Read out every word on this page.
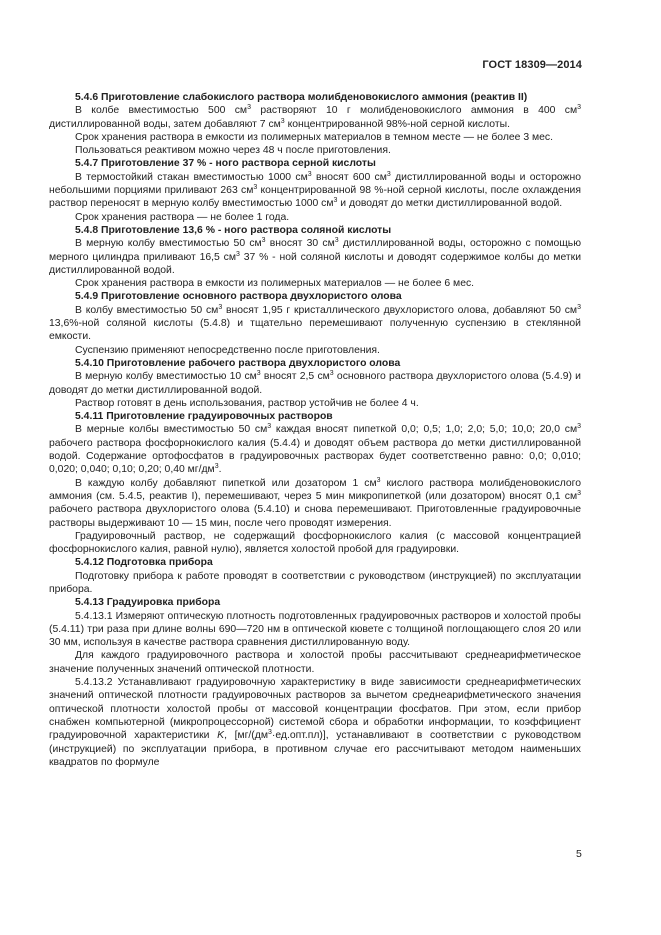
ГОСТ 18309—2014

5.4.6 Приготовление слабокислого раствора молибденовокислого аммония (реактив II)

В колбе вместимостью 500 $см^3$ растворяют 10 г молибденовокислого аммония в 400 $см^3$ дистиллированной воды, затем добавляют 7 $см^3$ концентрированной 98%-ной серной кислоты.

Срок хранения раствора в емкости из полимерных материалов в темном месте — не более 3 мес.

Пользоваться реактивом можно через 48 ч после приготовления.

5.4.7 Приготовление 37 % - ного раствора серной кислоты

В термостойкий стакан вместимостью 1000 $см^3$ вносят 600 $см^3$ дистиллированной воды и осторожно небольшими порциями приливают 263 $см^3$ концентрированной 98 %-ной серной кислоты, после охлаждения раствор переносят в мерную колбу вместимостью 1000 $см^3$ и доводят до метки дистиллированной водой.

Срок хранения раствора — не более 1 года.

5.4.8 Приготовление 13,6 % - ного раствора соляной кислоты

В мерную колбу вместимостью 50 $см^3$ вносят 30 $см^3$ дистиллированной воды, осторожно с помощью мерного цилиндра приливают 16,5 $см^3$ 37 % - ной соляной кислоты и доводят содержимое колбы до метки дистиллированной водой.

Срок хранения раствора в емкости из полимерных материалов — не более 6 мес.

5.4.9 Приготовление основного раствора двухлористого олова

В колбу вместимостью 50 $см^3$ вносят 1,95 г кристаллического двухлористого олова, добавляют 50 $см^3$ 13,6%-ной соляной кислоты (5.4.8) и тщательно перемешивают полученную суспензию в стеклянной емкости.

Суспензию применяют непосредственно после приготовления.

5.4.10 Приготовление рабочего раствора двухлористого олова

В мерную колбу вместимостью 10 $см^3$ вносят 2,5 $см^3$ основного раствора двухлористого олова (5.4.9) и доводят до метки дистиллированной водой.

Раствор готовят в день использования, раствор устойчив не более 4 ч.

5.4.11 Приготовление градуировочных растворов

В мерные колбы вместимостью 50 $см^3$ каждая вносят пипеткой 0,0; 0,5; 1,0; 2,0; 5,0; 10,0; 20,0 $см^3$ рабочего раствора фосфорнокислого калия (5.4.4) и доводят объем раствора до метки дистиллированной водой. Содержание ортофосфатов в градуировочных растворах будет соответственно равно: 0,0; 0,010; 0,020; 0,040; 0,10; 0,20; 0,40 $мг/дм^3$.

В каждую колбу добавляют пипеткой или дозатором 1 $см^3$ кислого раствора молибденовокислого аммония (см. 5.4.5, реактив I), перемешивают, через 5 мин микропипеткой (или дозатором) вносят 0,1 $см^3$ рабочего раствора двухлористого олова (5.4.10) и снова перемешивают. Приготовленные градуировочные растворы выдерживают 10 — 15 мин, после чего проводят измерения.

Градуировочный раствор, не содержащий фосфорнокислого калия (с массовой концентрацией фосфорнокислого калия, равной нулю), является холостой пробой для градуировки.

5.4.12 Подготовка прибора

Подготовку прибора к работе проводят в соответствии с руководством (инструкцией) по эксплуатации прибора.

5.4.13 Градуировка прибора

5.4.13.1 Измеряют оптическую плотность подготовленных градуировочных растворов и холостой пробы (5.4.11) три раза при длине волны 690—720 нм в оптической кювете с толщиной поглощающего слоя 20 или 30 мм, используя в качестве раствора сравнения дистиллированную воду.

Для каждого градуировочного раствора и холостой пробы рассчитывают среднеарифметическое значение полученных значений оптической плотности.

5.4.13.2 Устанавливают градуировочную характеристику в виде зависимости среднеарифметических значений оптической плотности градуировочных растворов за вычетом среднеарифметического значения оптической плотности холостой пробы от массовой концентрации фосфатов. При этом, если прибор снабжен компьютерной (микропроцессорной) системой сбора и обработки информации, то коэффициент градуировочной характеристики K, $[мг/(дм^3\cdot ед.опт.пл)]$, устанавливают в соответствии с руководством (инструкцией) по эксплуатации прибора, в противном случае его рассчитывают методом наименьших квадратов по формуле

5
